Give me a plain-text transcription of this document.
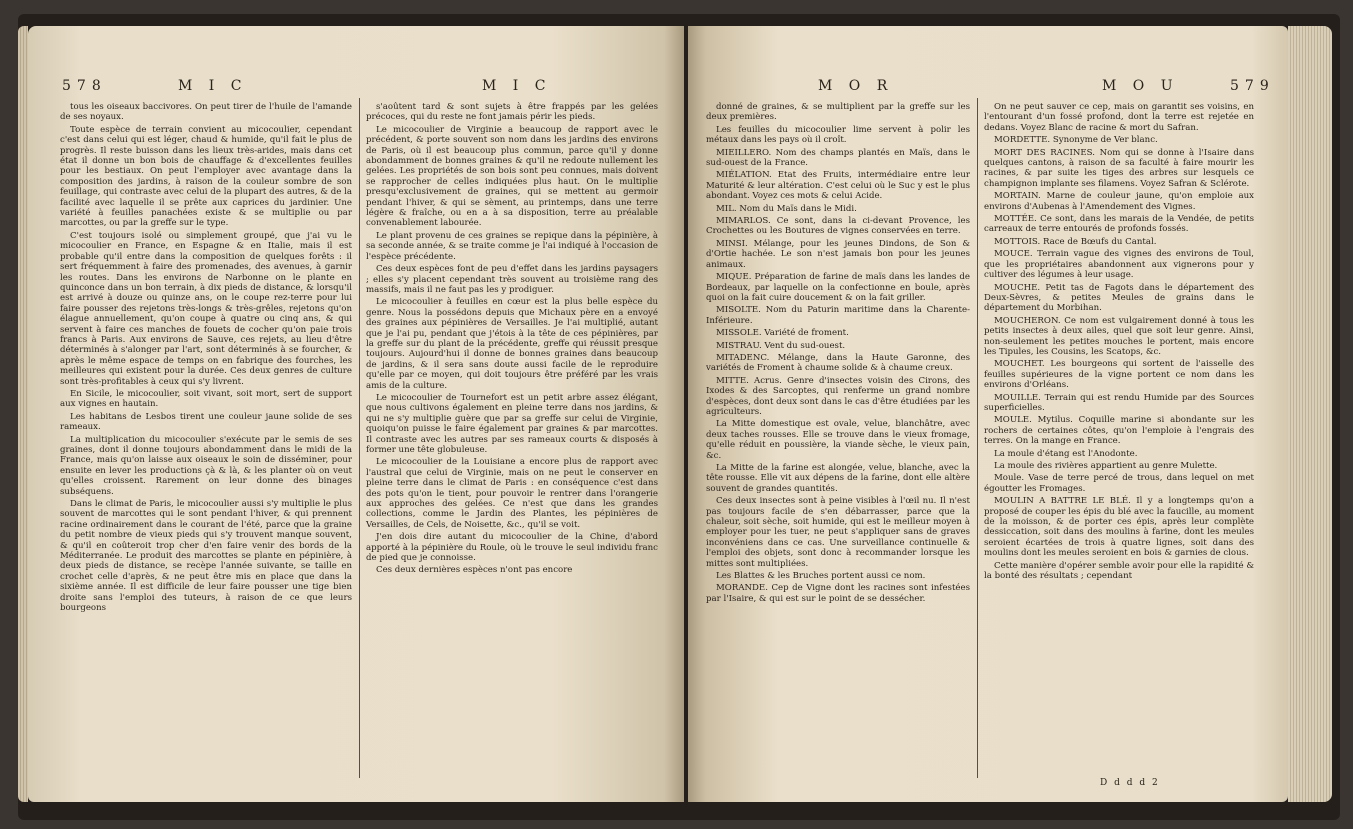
578	M I C	M I C

tous les oiseaux baccivores. On peut tirer de l'huile de l'amande de ses noyaux.

Toute espèce de terrain convient au micocoulier, cependant c'est dans celui qui est léger, chaud & humide, qu'il fait le plus de progrès. Il reste buisson dans les lieux très-arides, mais dans cet état il donne un bon bois de chauffage & d'excellentes feuilles pour les bestiaux. On peut l'employer avec avantage dans la composition des jardins, à raison de la couleur sombre de son feuillage, qui contraste avec celui de la plupart des autres, & de la facilité avec laquelle il se prête aux caprices du jardinier. Une variété à feuilles panachées existe & se multiplie ou par marcottes, ou par la greffe sur le type.

C'est toujours isolé ou simplement groupé, que j'ai vu le micocoulier en France, en Espagne & en Italie, mais il est probable qu'il entre dans la composition de quelques forêts : il sert fréquemment à faire des promenades, des avenues, à garnir les routes. Dans les environs de Narbonne on le plante en quinconce dans un bon terrain, à dix pieds de distance, & lorsqu'il est arrivé à douze ou quinze ans, on le coupe rez-terre pour lui faire pousser des rejetons très-longs & très-grêles, rejetons qu'on élague annuellement, qu'on coupe à quatre ou cinq ans, & qui servent à faire ces manches de fouets de cocher qu'on paie trois francs à Paris. Aux environs de Sauve, ces rejets, au lieu d'être déterminés à s'alonger par l'art, sont déterminés à se fourcher, & après le même espace de temps on en fabrique des fourches, les meilleures qui existent pour la durée. Ces deux genres de culture sont très-profitables à ceux qui s'y livrent.

En Sicile, le micocoulier, soit vivant, soit mort, sert de support aux vignes en hautain.

Les habitans de Lesbos tirent une couleur jaune solide de ses rameaux.

La multiplication du micocoulier s'exécute par le semis de ses graines, dont il donne toujours abondamment dans le midi de la France, mais qu'on laisse aux oiseaux le soin de disséminer, pour ensuite en lever les productions çà & là, & les planter où on veut qu'elles croissent. Rarement on leur donne des binages subséquens.

Dans le climat de Paris, le micocoulier aussi s'y multiplie le plus souvent de marcottes qui le sont pendant l'hiver, & qui prennent racine ordinairement dans le courant de l'été, parce que la graine du petit nombre de vieux pieds qui s'y trouvent manque souvent, & qu'il en coûteroit trop cher d'en faire venir des bords de la Méditerranée. Le produit des marcottes se plante en pépinière, à deux pieds de distance, se recèpe l'année suivante, se taille en crochet celle d'après, & ne peut être mis en place que dans la sixième année. Il est difficile de leur faire pousser une tige bien droite sans l'emploi des tuteurs, à raison de ce que leurs bourgeons

s'aoûtent tard & sont sujets à être frappés par les gelées précoces, qui du reste ne font jamais périr les pieds.

Le micocoulier de Virginie a beaucoup de rapport avec le précédent, & porte souvent son nom dans les jardins des environs de Paris, où il est beaucoup plus commun, parce qu'il y donne abondamment de bonnes graines & qu'il ne redoute nullement les gelées. Les propriétés de son bois sont peu connues, mais doivent se rapprocher de celles indiquées plus haut. On le multiplie presqu'exclusivement de graines, qui se mettent au germoir pendant l'hiver, & qui se sèment, au printemps, dans une terre légère & fraîche, ou en a à sa disposition, terre au préalable convenablement labourée.

Le plant provenu de ces graines se repique dans la pépinière, à sa seconde année, & se traite comme je l'ai indiqué à l'occasion de l'espèce précédente.

Ces deux espèces font de peu d'effet dans les jardins paysagers ; elles s'y placent cependant très souvent au troisième rang des massifs, mais il ne faut pas les y prodiguer.

Le micocoulier à feuilles en cœur est la plus belle espèce du genre. Nous la possédons depuis que Michaux père en a envoyé des graines aux pépinières de Versailles. Je l'ai multiplié, autant que je l'ai pu, pendant que j'étois à la tête de ces pépinières, par la greffe sur du plant de la précédente, greffe qui réussit presque toujours. Aujourd'hui il donne de bonnes graines dans beaucoup de jardins, & il sera sans doute aussi facile de le reproduire qu'elle par ce moyen, qui doit toujours être préféré par les vrais amis de la culture.

Le micocoulier de Tournefort est un petit arbre assez élégant, que nous cultivons également en pleine terre dans nos jardins, & qui ne s'y multiplie guère que par sa greffe sur celui de Virginie, quoiqu'on puisse le faire également par graines & par marcottes. Il contraste avec les autres par ses rameaux courts & disposés à former une tête globuleuse.

Le micocoulier de la Louisiane a encore plus de rapport avec l'austral que celui de Virginie, mais on ne peut le conserver en pleine terre dans le climat de Paris : en conséquence c'est dans des pots qu'on le tient, pour pouvoir le rentrer dans l'orangerie aux approches des gelées. Ce n'est que dans les grandes collections, comme le Jardin des Plantes, les pépinières de Versailles, de Cels, de Noisette, &c., qu'il se voit.

J'en dois dire autant du micocoulier de la Chine, d'abord apporté à la pépinière du Roule, où le trouve le seul individu franc de pied que je connoisse.

Ces deux dernières espèces n'ont pas encore

M O R	M O U	579

donné de graines, & se multiplient par la greffe sur les deux premières.

Les feuilles du micocoulier lime servent à polir les métaux dans les pays où il croît.

MIEILLERO. Nom des champs plantés en Maïs, dans le sud-ouest de la France.

MIÉLATION. Etat des Fruits, intermédiaire entre leur Maturité & leur altération. C'est celui où le Suc y est le plus abondant. Voyez ces mots & celui Acide.

MIL. Nom du Maïs dans le Midi.

MIMARLOS. Ce sont, dans la ci-devant Provence, les Crochettes ou les Boutures de vignes conservées en terre.

MINSI. Mélange, pour les jeunes Dindons, de Son & d'Ortie hachée. Le son n'est jamais bon pour les jeunes animaux.

MIQUE. Préparation de farine de maïs dans les landes de Bordeaux, par laquelle on la confectionne en boule, après quoi on la fait cuire doucement & on la fait griller.

MISOLTE. Nom du Paturin maritime dans la Charente-Inférieure.

MISSOLE. Variété de froment.

MISTRAU. Vent du sud-ouest.

MITADENC. Mélange, dans la Haute Garonne, des variétés de Froment à chaume solide & à chaume creux.

MITTE. Acrus. Genre d'insectes voisin des Cirons, des Ixodes & des Sarcoptes, qui renferme un grand nombre d'espèces, dont deux sont dans le cas d'être étudiées par les agriculteurs.

La Mitte domestique est ovale, velue, blanchâtre, avec deux taches rousses. Elle se trouve dans le vieux fromage, qu'elle réduit en poussière, la viande sèche, le vieux pain, &c.

La Mitte de la farine est alongée, velue, blanche, avec la tête rousse. Elle vit aux dépens de la farine, dont elle altère souvent de grandes quantités.

Ces deux insectes sont à peine visibles à l'œil nu. Il n'est pas toujours facile de s'en débarrasser, parce que la chaleur, soit sèche, soit humide, qui est le meilleur moyen à employer pour les tuer, ne peut s'appliquer sans de graves inconvéniens dans ce cas. Une surveillance continuelle & l'emploi des objets, sont donc à recommander lorsque les mittes sont multipliées.

Les Blattes & les Bruches portent aussi ce nom.

MORANDE. Cep de Vigne dont les racines sont infestées par l'Isaire, & qui est sur le point de se dessécher.

On ne peut sauver ce cep, mais on garantit ses voisins, en l'entourant d'un fossé profond, dont la terre est rejetée en dedans. Voyez Blanc de racine & mort du Safran.

MORDETTE. Synonyme de Ver blanc.

MORT DES RACINES. Nom qui se donne à l'Isaire dans quelques cantons, à raison de sa faculté à faire mourir les racines, & par suite les tiges des arbres sur lesquels ce champignon implante ses filamens. Voyez Safran & Sclérote.

MORTAIN. Marne de couleur jaune, qu'on emploie aux environs d'Aubenas à l'Amendement des Vignes.

MOTTÉE. Ce sont, dans les marais de la Vendée, de petits carreaux de terre entourés de profonds fossés.

MOTTOIS. Race de Bœufs du Cantal.

MOUCE. Terrain vague des vignes des environs de Toul, que les propriétaires abandonnent aux vignerons pour y cultiver des légumes à leur usage.

MOUCHE. Petit tas de Fagots dans le département des Deux-Sèvres, & petites Meules de grains dans le département du Morbihan.

MOUCHERON. Ce nom est vulgairement donné à tous les petits insectes à deux ailes, quel que soit leur genre. Ainsi, non-seulement les petites mouches le portent, mais encore les Tipules, les Cousins, les Scatops, &c.

MOUCHET. Les bourgeons qui sortent de l'aisselle des feuilles supérieures de la vigne portent ce nom dans les environs d'Orléans.

MOUILLE. Terrain qui est rendu Humide par des Sources superficielles.

MOULE. Mytilus. Coquille marine si abondante sur les rochers de certaines côtes, qu'on l'emploie à l'engrais des terres. On la mange en France.

La moule d'étang est l'Anodonte.

La moule des rivières appartient au genre Mulette.

Moule. Vase de terre percé de trous, dans lequel on met égoutter les Fromages.

MOULIN A BATTRE LE BLÉ. Il y a longtemps qu'on a proposé de couper les épis du blé avec la faucille, au moment de la moisson, & de porter ces épis, après leur complète dessiccation, soit dans des moulins à farine, dont les meules seroient écartées de trois à quatre lignes, soit dans des moulins dont les meules seroient en bois & garnies de clous.

Cette manière d'opérer semble avoir pour elle la rapidité & la bonté des résultats ; cependant

D d d d 2
